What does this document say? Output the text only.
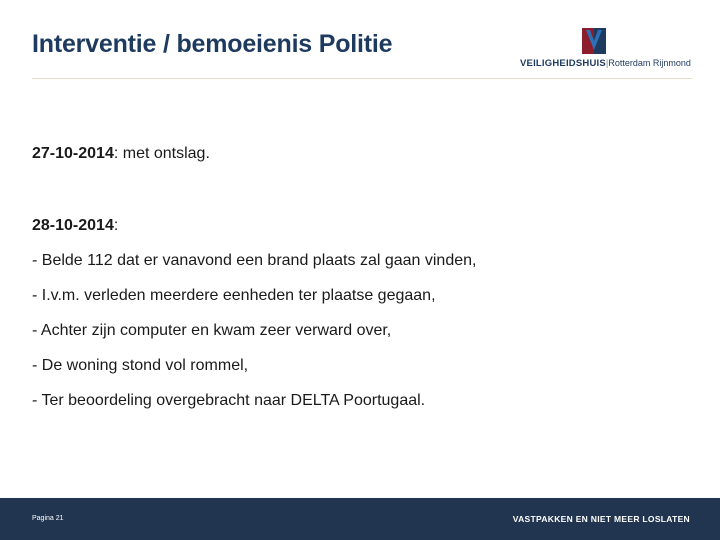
Interventie / bemoeienis Politie
VEILIGHEIDSHUIS|Rotterdam Rijnmond

27-10-2014: met ontslag.

28-10-2014:

- Belde 112 dat er vanavond een brand plaats zal gaan vinden,
- I.v.m. verleden meerdere eenheden ter plaatse gegaan,
- Achter zijn computer en kwam zeer verward over,
- De woning stond vol rommel,
- Ter beoordeling overgebracht naar DELTA Poortugaal.
Pagina 21	VASTPAKKEN EN NIET MEER LOSLATEN
